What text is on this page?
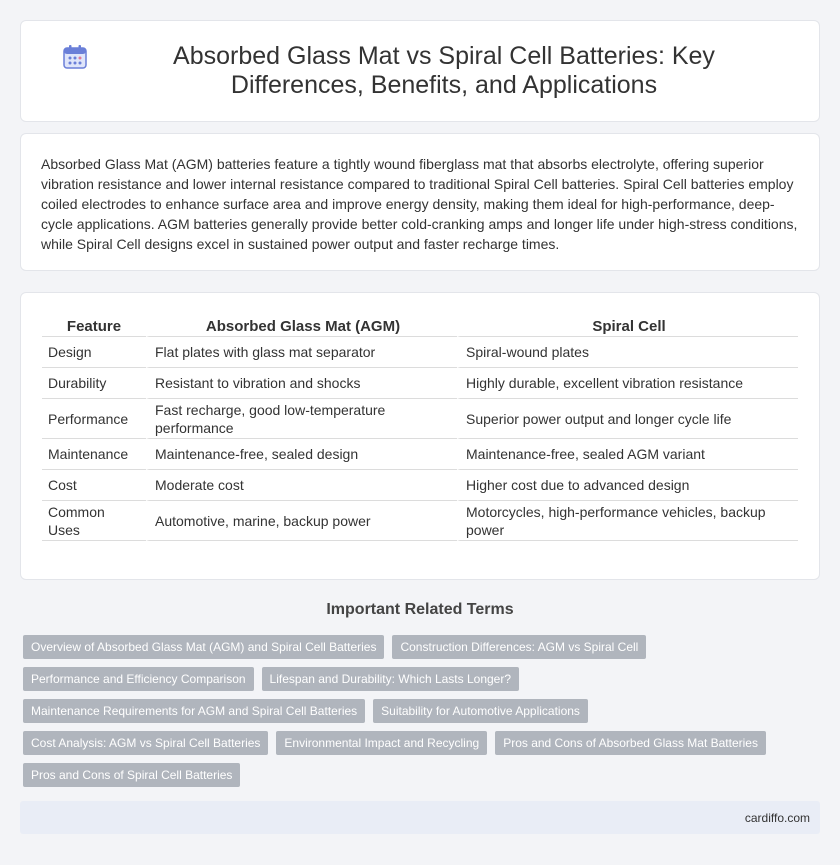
Absorbed Glass Mat vs Spiral Cell Batteries: Key Differences, Benefits, and Applications

Absorbed Glass Mat (AGM) batteries feature a tightly wound fiberglass mat that absorbs electrolyte, offering superior vibration resistance and lower internal resistance compared to traditional Spiral Cell batteries. Spiral Cell batteries employ coiled electrodes to enhance surface area and improve energy density, making them ideal for high-performance, deep-cycle applications. AGM batteries generally provide better cold-cranking amps and longer life under high-stress conditions, while Spiral Cell designs excel in sustained power output and faster recharge times.

Feature	Absorbed Glass Mat (AGM)	Spiral Cell
Design	Flat plates with glass mat separator	Spiral-wound plates
Durability	Resistant to vibration and shocks	Highly durable, excellent vibration resistance
Performance	Fast recharge, good low-temperature performance	Superior power output and longer cycle life
Maintenance	Maintenance-free, sealed design	Maintenance-free, sealed AGM variant
Cost	Moderate cost	Higher cost due to advanced design
Common Uses	Automotive, marine, backup power	Motorcycles, high-performance vehicles, backup power
Important Related Terms
Overview of Absorbed Glass Mat (AGM) and Spiral Cell Batteries	Construction Differences: AGM vs Spiral Cell
Performance and Efficiency Comparison	Lifespan and Durability: Which Lasts Longer?
Maintenance Requirements for AGM and Spiral Cell Batteries	Suitability for Automotive Applications
Cost Analysis: AGM vs Spiral Cell Batteries	Environmental Impact and Recycling	Pros and Cons of Absorbed Glass Mat Batteries
Pros and Cons of Spiral Cell Batteries
cardiffo.com
